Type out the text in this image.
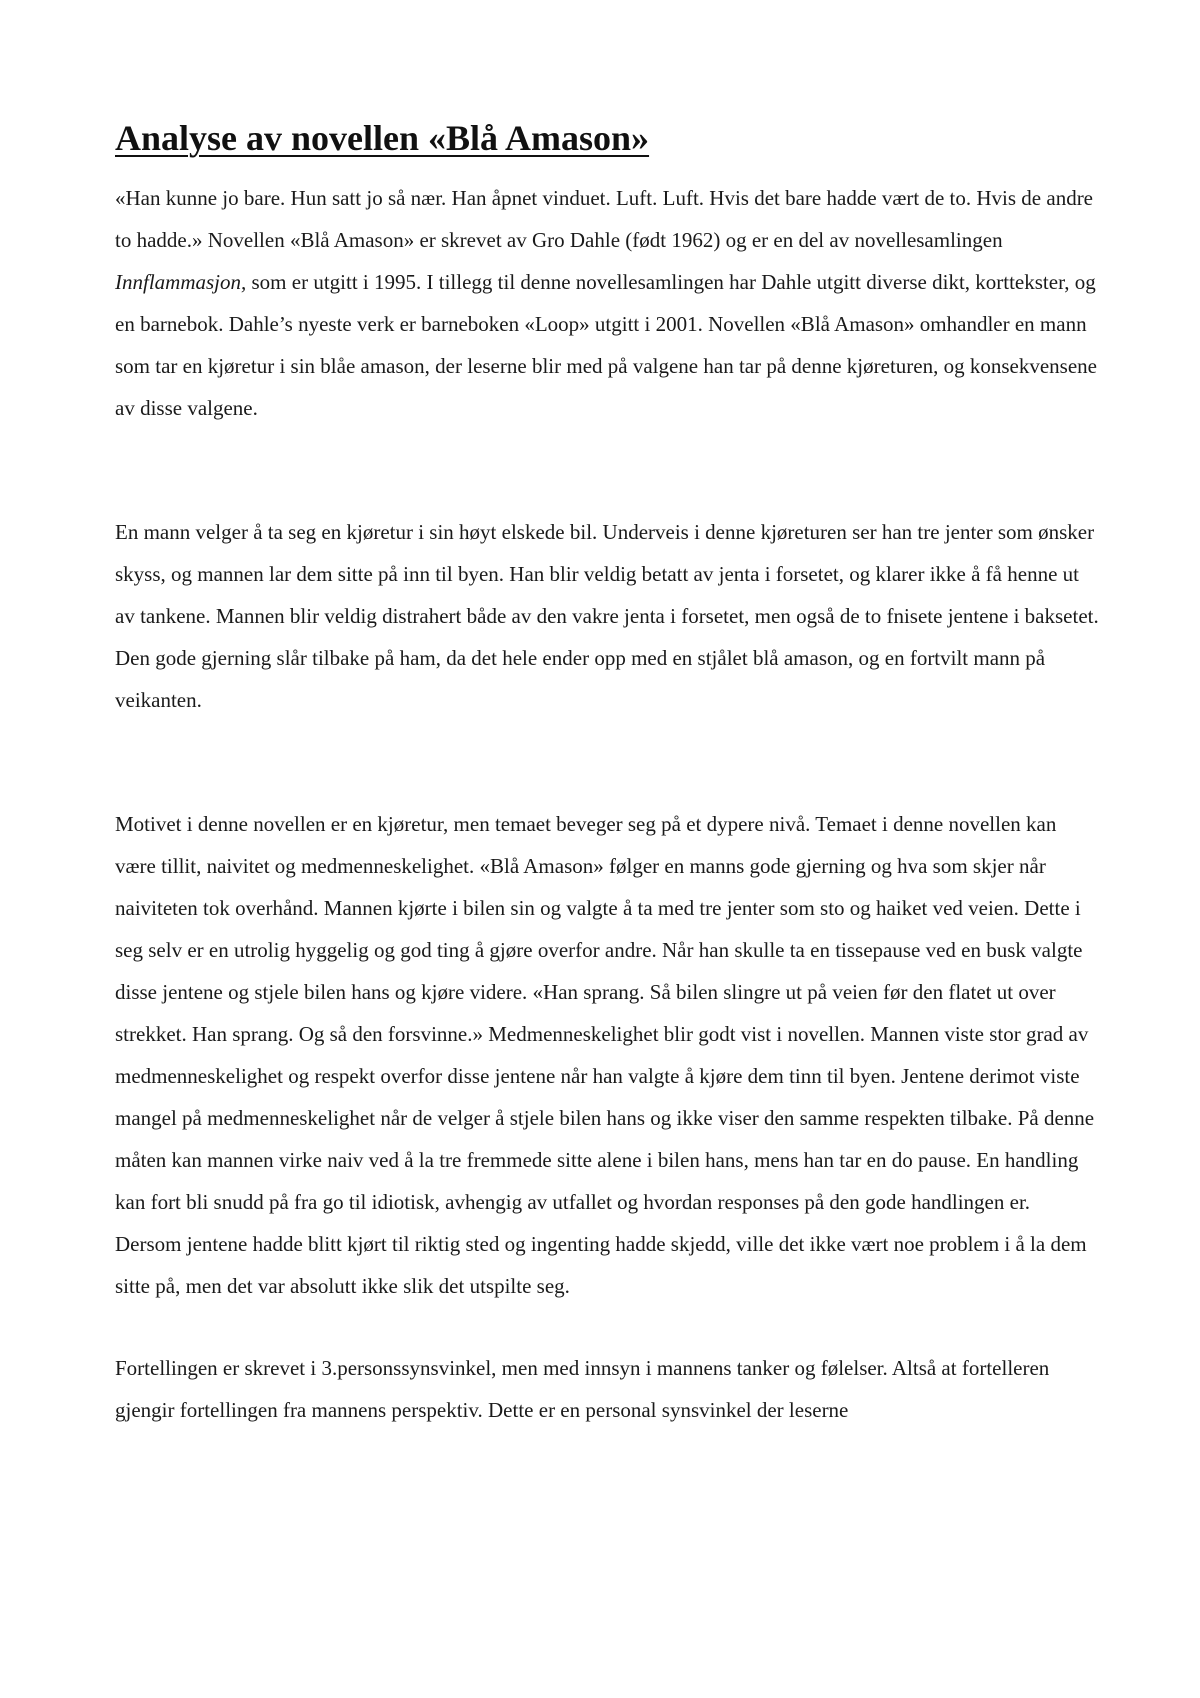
Analyse av novellen «Blå Amason»

«Han kunne jo bare. Hun satt jo så nær. Han åpnet vinduet. Luft. Luft. Hvis det bare hadde vært de to. Hvis de andre to hadde.» Novellen «Blå Amason» er skrevet av Gro Dahle (født 1962) og er en del av novellesamlingen Innflammasjon, som er utgitt i 1995. I tillegg til denne novellesamlingen har Dahle utgitt diverse dikt, korttekster, og en barnebok. Dahle’s nyeste verk er barneboken «Loop» utgitt i 2001. Novellen «Blå Amason» omhandler en mann som tar en kjøretur i sin blåe amason, der leserne blir med på valgene han tar på denne kjøreturen, og konsekvensene av disse valgene.

En mann velger å ta seg en kjøretur i sin høyt elskede bil. Underveis i denne kjøreturen ser han tre jenter som ønsker skyss, og mannen lar dem sitte på inn til byen. Han blir veldig betatt av jenta i forsetet, og klarer ikke å få henne ut av tankene. Mannen blir veldig distrahert både av den vakre jenta i forsetet, men også de to fnisete jentene i baksetet. Den gode gjerning slår tilbake på ham, da det hele ender opp med en stjålet blå amason, og en fortvilt mann på veikanten.

Motivet i denne novellen er en kjøretur, men temaet beveger seg på et dypere nivå. Temaet i denne novellen kan være tillit, naivitet og medmenneskelighet. «Blå Amason» følger en manns gode gjerning og hva som skjer når naiviteten tok overhånd. Mannen kjørte i bilen sin og valgte å ta med tre jenter som sto og haiket ved veien. Dette i seg selv er en utrolig hyggelig og god ting å gjøre overfor andre. Når han skulle ta en tissepause ved en busk valgte disse jentene og stjele bilen hans og kjøre videre. «Han sprang. Så bilen slingre ut på veien før den flatet ut over strekket. Han sprang. Og så den forsvinne.» Medmenneskelighet blir godt vist i novellen. Mannen viste stor grad av medmenneskelighet og respekt overfor disse jentene når han valgte å kjøre dem tinn til byen. Jentene derimot viste mangel på medmenneskelighet når de velger å stjele bilen hans og ikke viser den samme respekten tilbake. På denne måten kan mannen virke naiv ved å la tre fremmede sitte alene i bilen hans, mens han tar en do pause. En handling kan fort bli snudd på fra go til idiotisk, avhengig av utfallet og hvordan responses på den gode handlingen er. Dersom jentene hadde blitt kjørt til riktig sted og ingenting hadde skjedd, ville det ikke vært noe problem i å la dem sitte på, men det var absolutt ikke slik det utspilte seg.

Fortellingen er skrevet i 3.personssynsvinkel, men med innsyn i mannens tanker og følelser. Altså at fortelleren gjengir fortellingen fra mannens perspektiv. Dette er en personal synsvinkel der leserne
